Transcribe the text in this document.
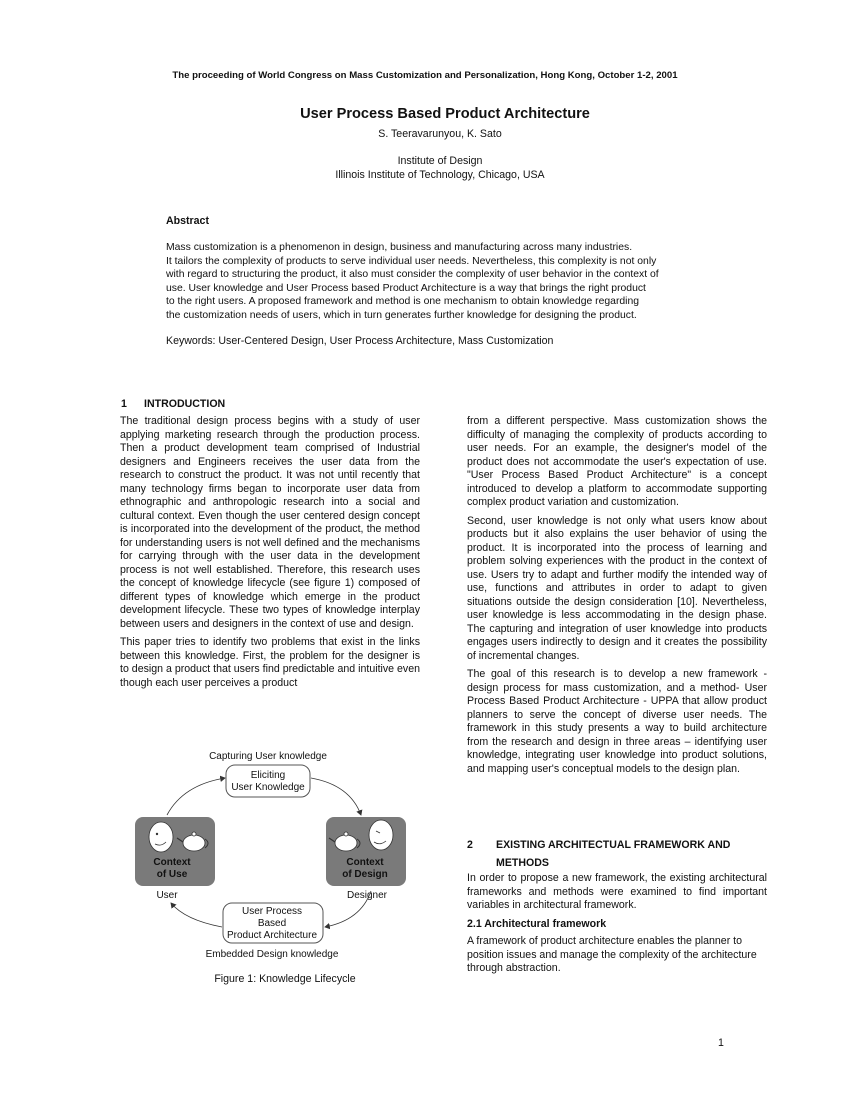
The proceeding of World Congress on Mass Customization and Personalization, Hong Kong, October 1-2, 2001
User Process Based Product Architecture
S. Teeravarunyou, K. Sato
Institute of Design
Illinois Institute of Technology, Chicago, USA
Abstract
Mass customization is a phenomenon in design, business and manufacturing across many industries.
It tailors the complexity of products to serve individual user needs. Nevertheless, this complexity is not only
with regard to structuring the product, it also must consider the complexity of user behavior in the context of
use. User knowledge and User Process based Product Architecture is a way that brings the right product
to the right users. A proposed framework and method is one mechanism to obtain knowledge regarding
the customization needs of users, which in turn generates further knowledge for designing the product.
Keywords: User-Centered Design, User Process Architecture, Mass Customization
1 INTRODUCTION

The traditional design process begins with a study of user applying marketing research through the production process. Then a product development team comprised of Industrial designers and Engineers receives the user data from the research to construct the product. It was not until recently that many technology firms began to incorporate user data from ethnographic and anthropologic research into a social and cultural context. Even though the user centered design concept is incorporated into the development of the product, the method for understanding users is not well defined and the mechanisms for carrying through with the user data in the development process is not well established. Therefore, this research uses the concept of knowledge lifecycle (see figure 1) composed of different types of knowledge which emerge in the product development lifecycle. These two types of knowledge interplay between users and designers in the context of use and design.

This paper tries to identify two problems that exist in the links between this knowledge. First, the problem for the designer is to design a product that users find predictable and intuitive even though each user perceives a product

Capturing User knowledge
Eliciting
User Knowledge
Context
of Use
User
Context
of Design
Designer
User Process
Based
Product Architecture
Embedded Design knowledge
Figure 1: Knowledge Lifecycle

from a different perspective. Mass customization shows the difficulty of managing the complexity of products according to user needs. For an example, the designer's model of the product does not accommodate the user's expectation of use. "User Process Based Product Architecture" is a concept introduced to develop a platform to accommodate supporting complex product variation and customization.

Second, user knowledge is not only what users know about products but it also explains the user behavior of using the product. It is incorporated into the process of learning and problem solving experiences with the product in the context of use. Users try to adapt and further modify the intended way of use, functions and attributes in order to adapt to given situations outside the design consideration [10]. Nevertheless, user knowledge is less accommodating in the design phase. The capturing and integration of user knowledge into products engages users indirectly to design and it creates the possibility of incremental changes.

The goal of this research is to develop a new framework - design process for mass customization, and a method- User Process Based Product Architecture - UPPA that allow product planners to serve the concept of diverse user needs. The framework in this study presents a way to build architecture from the research and design in three areas – identifying user knowledge, integrating user knowledge into product solutions, and mapping user's conceptual models to the design plan.

2 EXISTING ARCHITECTUAL FRAMEWORK AND
METHODS

In order to propose a new framework, the existing architectural frameworks and methods were examined to find important variables in architectural framework.

2.1 Architectural framework

A framework of product architecture enables the planner to position issues and manage the complexity of the architecture through abstraction.

1
